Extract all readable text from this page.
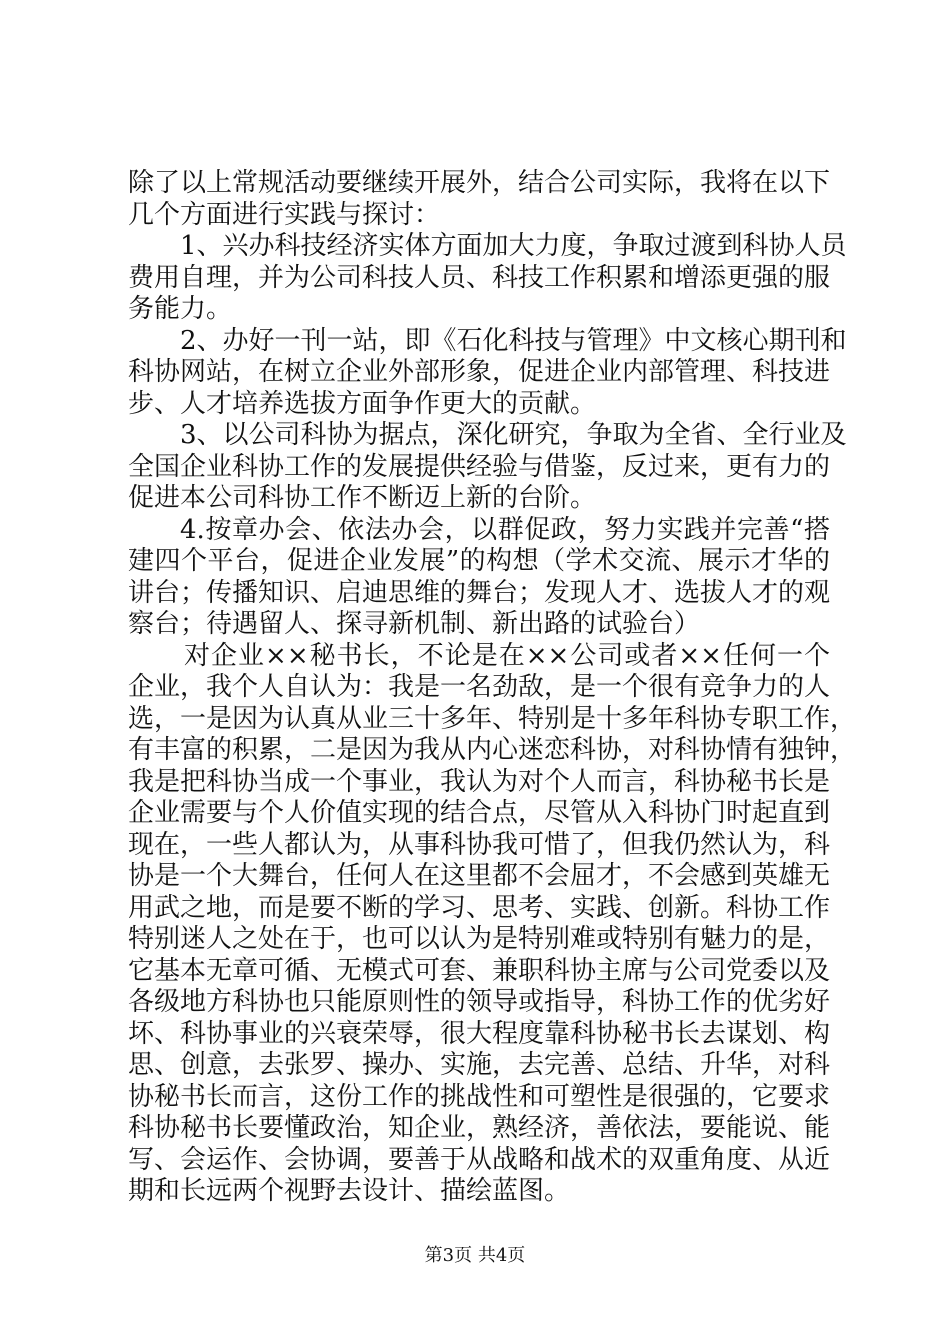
除了以上常规活动要继续开展外，结合公司实际，我将在以下
几个方面进行实践与探讨：
1、兴办科技经济实体方面加大力度，争取过渡到科协人员
费用自理，并为公司科技人员、科技工作积累和增添更强的服
务能力。
2、办好一刊一站，即《石化科技与管理》中文核心期刊和
科协网站，在树立企业外部形象，促进企业内部管理、科技进
步、人才培养选拔方面争作更大的贡献。
3、以公司科协为据点，深化研究，争取为全省、全行业及
全国企业科协工作的发展提供经验与借鉴，反过来，更有力的
促进本公司科协工作不断迈上新的台阶。
4.按章办会、依法办会，以群促政，努力实践并完善“搭
建四个平台，促进企业发展”的构想（学术交流、展示才华的
讲台；传播知识、启迪思维的舞台；发现人才、选拔人才的观
察台；待遇留人、探寻新机制、新出路的试验台）
对企业××秘书长，不论是在××公司或者××任何一个
企业，我个人自认为：我是一名劲敌，是一个很有竞争力的人
选，一是因为认真从业三十多年、特别是十多年科协专职工作，
有丰富的积累，二是因为我从内心迷恋科协，对科协情有独钟，
我是把科协当成一个事业，我认为对个人而言，科协秘书长是
企业需要与个人价值实现的结合点，尽管从入科协门时起直到
现在，一些人都认为，从事科协我可惜了，但我仍然认为，科
协是一个大舞台，任何人在这里都不会屈才，不会感到英雄无
用武之地，而是要不断的学习、思考、实践、创新。科协工作
特别迷人之处在于，也可以认为是特别难或特别有魅力的是，
它基本无章可循、无模式可套、兼职科协主席与公司党委以及
各级地方科协也只能原则性的领导或指导，科协工作的优劣好
坏、科协事业的兴衰荣辱，很大程度靠科协秘书长去谋划、构
思、创意，去张罗、操办、实施，去完善、总结、升华，对科
协秘书长而言，这份工作的挑战性和可塑性是很强的，它要求
科协秘书长要懂政治，知企业，熟经济，善依法，要能说、能
写、会运作、会协调，要善于从战略和战术的双重角度、从近
期和长远两个视野去设计、描绘蓝图。
第3页 共4页
